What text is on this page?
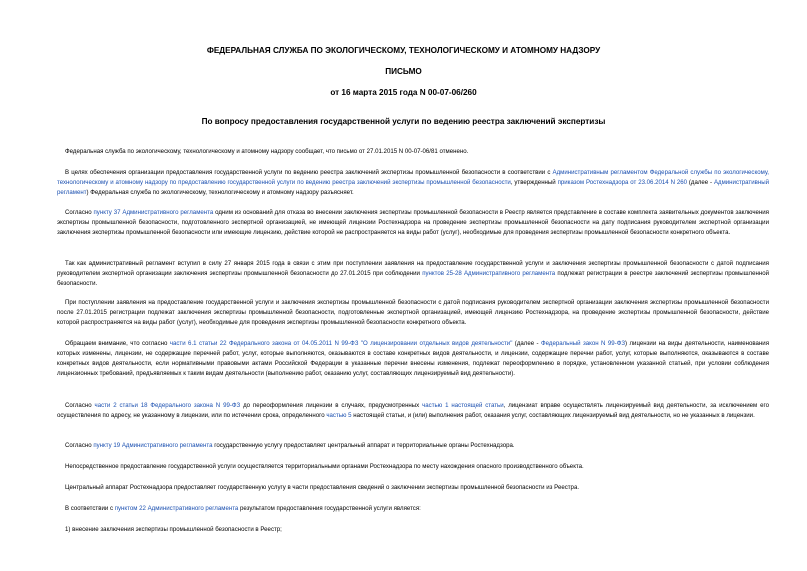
ФЕДЕРАЛЬНАЯ СЛУЖБА ПО ЭКОЛОГИЧЕСКОМУ, ТЕХНОЛОГИЧЕСКОМУ И АТОМНОМУ НАДЗОРУ
ПИСЬМО
от 16 марта 2015 года N 00-07-06/260
По вопросу предоставления государственной услуги по ведению реестра заключений экспертизы
Федеральная служба по экологическому, технологическому и атомному надзору сообщает, что письмо от 27.01.2015 N 00-07-06/81 отменено.
В целях обеспечения организации предоставления государственной услуги по ведению реестра заключений экспертизы промышленной безопасности в соответствии с Административным регламентом Федеральной службы по экологическому, технологическому и атомному надзору по предоставлению государственной услуги по ведению реестра заключений экспертизы промышленной безопасности, утвержденный приказом Ростехнадзора от 23.06.2014 N 260 (далее - Административный регламент) Федеральная служба по экологическому, технологическому и атомному надзору разъясняет.
Согласно пункту 37 Административного регламента одним из оснований для отказа во внесении заключения экспертизы промышленной безопасности в Реестр является представление в составе комплекта заявительных документов заключения экспертизы промышленной безопасности, подготовленного экспертной организацией, не имеющей лицензии Ростехнадзора на проведение экспертизы промышленной безопасности на дату подписания руководителем экспертной организации заключения экспертизы промышленной безопасности или имеющие лицензию, действие которой не распространяется на виды работ (услуг), необходимые для проведения экспертизы промышленной безопасности конкретного объекта.
Так как административный регламент вступил в силу 27 января 2015 года в связи с этим при поступлении заявления на предоставление государственной услуги и заключения экспертизы промышленной безопасности с датой подписания руководителем экспертной организации заключения экспертизы промышленной безопасности до 27.01.2015 при соблюдении пунктов 25-28 Административного регламента подлежат регистрации в реестре заключений экспертизы промышленной безопасности.
При поступлении заявления на предоставление государственной услуги и заключения экспертизы промышленной безопасности с датой подписания руководителем экспертной организации заключения экспертизы промышленной безопасности после 27.01.2015 регистрации подлежат заключения экспертизы промышленной безопасности, подготовленные экспертной организацией, имеющей лицензию Ростехнадзора, на проведение экспертизы промышленной безопасности, действие которой распространяется на виды работ (услуг), необходимые для проведения экспертизы промышленной безопасности конкретного объекта.
Обращаем внимание, что согласно части 6.1 статьи 22 Федерального закона от 04.05.2011 N 99-ФЗ "О лицензировании отдельных видов деятельности" (далее - Федеральный закон N 99-ФЗ) лицензии на виды деятельности, наименования которых изменены, лицензии, не содержащие перечней работ, услуг, которые выполняются, оказываются в составе конкретных видов деятельности, и лицензии, содержащие перечни работ, услуг, которые выполняются, оказываются в составе конкретных видов деятельности, если нормативными правовыми актами Российской Федерации в указанные перечни внесены изменения, подлежат переоформлению в порядке, установленном указанной статьей, при условии соблюдения лицензионных требований, предъявляемых к таким видам деятельности (выполнению работ, оказанию услуг, составляющих лицензируемый вид деятельности).
Согласно части 2 статьи 18 Федерального закона N 99-ФЗ до переоформления лицензии в случаях, предусмотренных частью 1 настоящей статьи, лицензиат вправе осуществлять лицензируемый вид деятельности, за исключением его осуществления по адресу, не указанному в лицензии, или по истечении срока, определенного частью 5 настоящей статьи, и (или) выполнения работ, оказания услуг, составляющих лицензируемый вид деятельности, но не указанных в лицензии.
Согласно пункту 19 Административного регламента государственную услугу предоставляет центральный аппарат и территориальные органы Ростехнадзора.
Непосредственное предоставление государственной услуги осуществляется территориальными органами Ростехнадзора по месту нахождения опасного производственного объекта.
Центральный аппарат Ростехнадзора предоставляет государственную услугу в части предоставления сведений о заключении экспертизы промышленной безопасности из Реестра.
В соответствии с пунктом 22 Административного регламента результатом предоставления государственной услуги является:
1) внесение заключения экспертизы промышленной безопасности в Реестр;
